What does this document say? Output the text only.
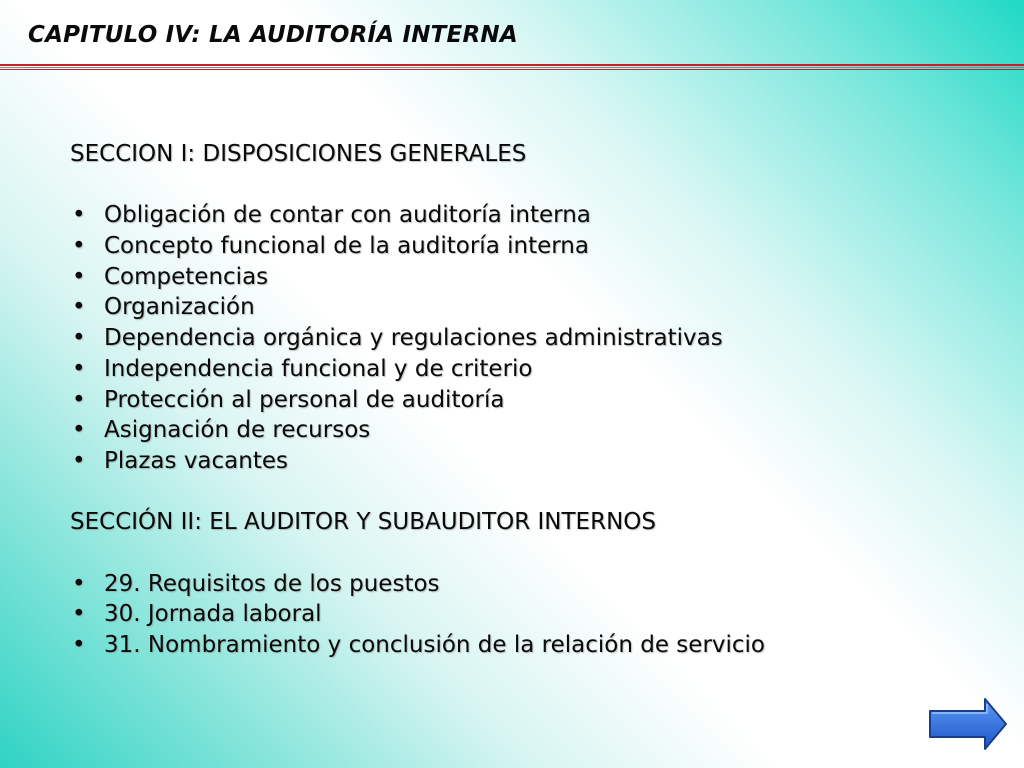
CAPITULO IV: LA AUDITORÍA INTERNA

SECCION I: DISPOSICIONES GENERALES

• Obligación de contar con auditoría interna
• Concepto funcional de la auditoría interna
• Competencias
• Organización
• Dependencia orgánica y regulaciones administrativas
• Independencia funcional y de criterio
• Protección al personal de auditoría
• Asignación de recursos
• Plazas vacantes

SECCIÓN II: EL AUDITOR Y SUBAUDITOR INTERNOS

• 29. Requisitos de los puestos
• 30. Jornada laboral
• 31. Nombramiento y conclusión de la relación de servicio
